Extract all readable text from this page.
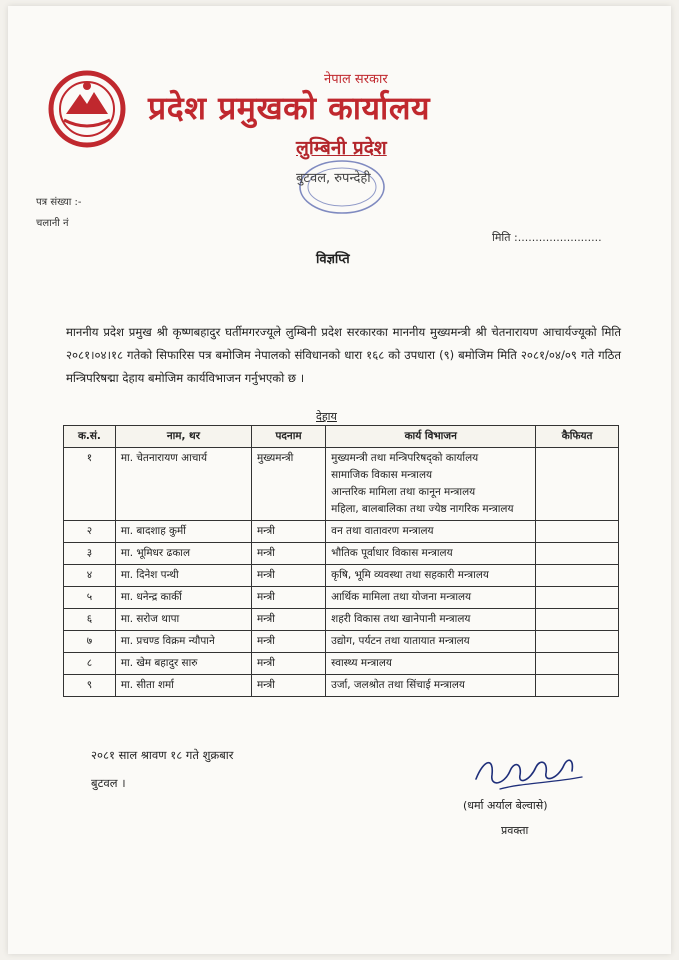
नेपाल सरकार
प्रदेश प्रमुखको कार्यालय
लुम्बिनी प्रदेश
बुटवल, रुपन्देही
पत्र संख्या :-
चलानी नं
मिति :........................
विज्ञप्ति
माननीय प्रदेश प्रमुख श्री कृष्णबहादुर घर्तीमगरज्यूले लुम्बिनी प्रदेश सरकारका माननीय मुख्यमन्त्री श्री चेतनारायण आचार्यज्यूको मिति २०८१।०४।१८ गतेको सिफारिस पत्र बमोजिम नेपालको संविधानको धारा १६८ को उपधारा (९) बमोजिम मिति २०८१/०४/०९ गते गठित मन्त्रिपरिषद्मा देहाय बमोजिम कार्यविभाजन गर्नुभएको छ ।
देहाय
क.सं.	नाम, थर	पदनाम	कार्य विभाजन	कैफियत
१	मा. चेतनारायण आचार्य	मुख्यमन्त्री	मुख्यमन्त्री तथा मन्त्रिपरिषद्को कार्यालय
सामाजिक विकास मन्त्रालय
आन्तरिक मामिला तथा कानून मन्त्रालय
महिला, बालबालिका तथा ज्येष्ठ नागरिक मन्त्रालय	

२	मा. बादशाह कुर्मी	मन्त्री	वन तथा वातावरण मन्त्रालय	
३	मा. भूमिधर ढकाल	मन्त्री	भौतिक पूर्वाधार विकास मन्त्रालय	
४	मा. दिनेश पन्थी	मन्त्री	कृषि, भूमि व्यवस्था तथा सहकारी मन्त्रालय	
५	मा. धनेन्द्र कार्की	मन्त्री	आर्थिक मामिला तथा योजना मन्त्रालय	
६	मा. सरोज थापा	मन्त्री	शहरी विकास तथा खानेपानी मन्त्रालय	
७	मा. प्रचण्ड विक्रम न्यौपाने	मन्त्री	उद्योग, पर्यटन तथा यातायात मन्त्रालय	
८	मा. खेम बहादुर सारु	मन्त्री	स्वास्थ्य मन्त्रालय	
९	मा. सीता शर्मा	मन्त्री	उर्जा, जलश्रोत तथा सिंचाई मन्त्रालय	
२०८१ साल श्रावण १८ गते शुक्रबार
बुटवल ।
(धर्मा अर्याल बेल्वासे)
प्रवक्ता
